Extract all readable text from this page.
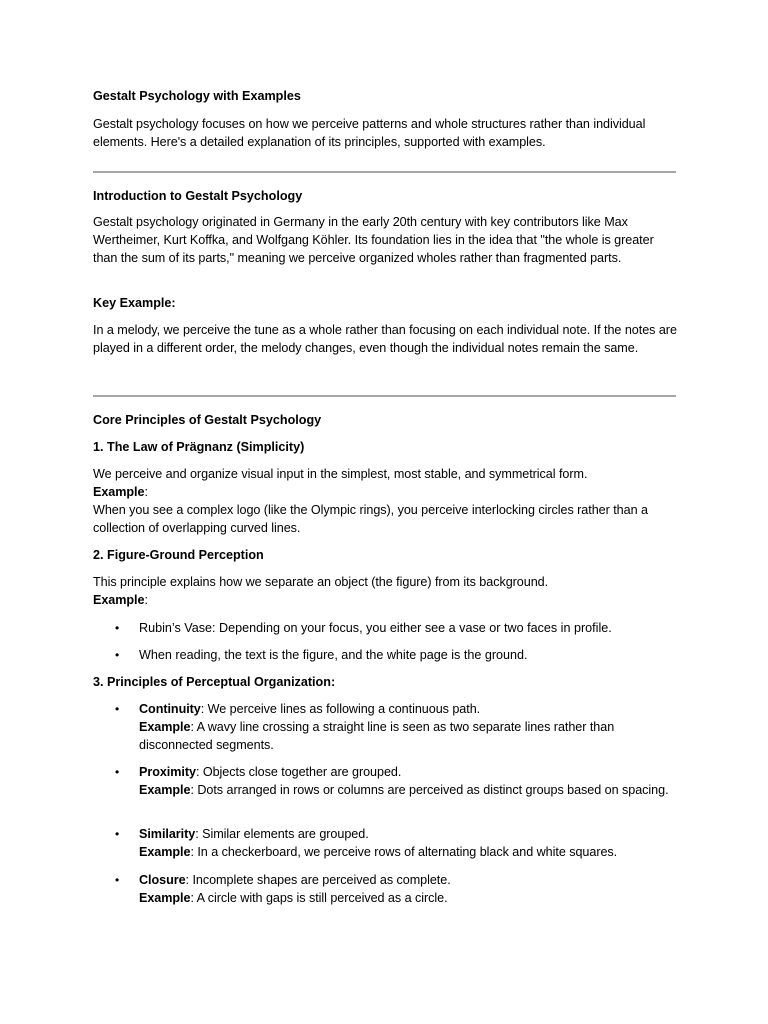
Gestalt Psychology with Examples

Gestalt psychology focuses on how we perceive patterns and whole structures rather than individual elements. Here's a detailed explanation of its principles, supported with examples.

Introduction to Gestalt Psychology

Gestalt psychology originated in Germany in the early 20th century with key contributors like Max Wertheimer, Kurt Koffka, and Wolfgang Köhler. Its foundation lies in the idea that "the whole is greater than the sum of its parts," meaning we perceive organized wholes rather than fragmented parts.

Key Example:

In a melody, we perceive the tune as a whole rather than focusing on each individual note. If the notes are played in a different order, the melody changes, even though the individual notes remain the same.

Core Principles of Gestalt Psychology

1. The Law of Prägnanz (Simplicity)

We perceive and organize visual input in the simplest, most stable, and symmetrical form.
Example:
When you see a complex logo (like the Olympic rings), you perceive interlocking circles rather than a collection of overlapping curved lines.

2. Figure-Ground Perception

This principle explains how we separate an object (the figure) from its background.
Example:

• Rubin’s Vase: Depending on your focus, you either see a vase or two faces in profile.
• When reading, the text is the figure, and the white page is the ground.

3. Principles of Perceptual Organization:

• Continuity: We perceive lines as following a continuous path.
Example: A wavy line crossing a straight line is seen as two separate lines rather than disconnected segments.
• Proximity: Objects close together are grouped.
Example: Dots arranged in rows or columns are perceived as distinct groups based on spacing.
• Similarity: Similar elements are grouped.
Example: In a checkerboard, we perceive rows of alternating black and white squares.
• Closure: Incomplete shapes are perceived as complete.
Example: A circle with gaps is still perceived as a circle.
